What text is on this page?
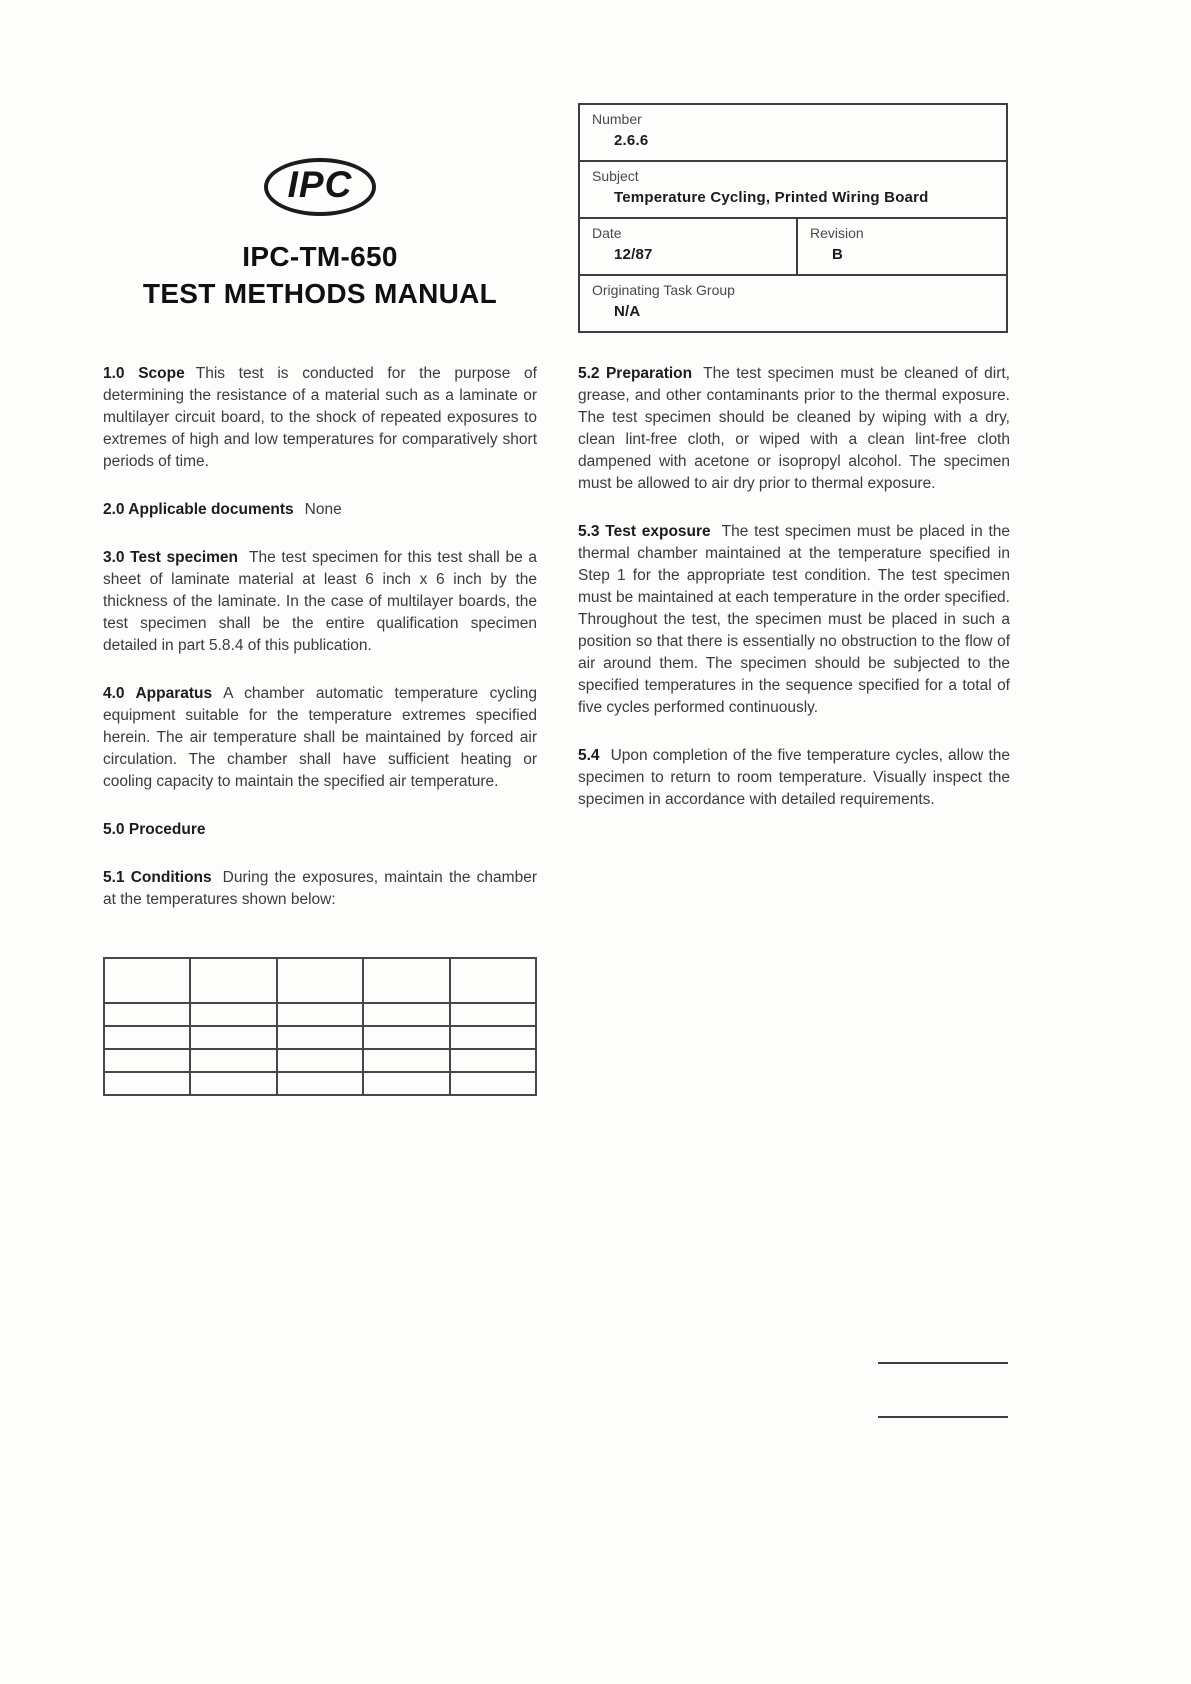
Number
2.6.6
Subject
Temperature Cycling, Printed Wiring Board
Date
12/87
Revision
B
Originating Task Group
N/A
IPC
IPC-TM-650
TEST METHODS MANUAL

1.0 Scope This test is conducted for the purpose of determining the resistance of a material such as a laminate or multilayer circuit board, to the shock of repeated exposures to extremes of high and low temperatures for comparatively short periods of time.

2.0 Applicable documents None

3.0 Test specimen The test specimen for this test shall be a sheet of laminate material at least 6 inch x 6 inch by the thickness of the laminate. In the case of multilayer boards, the test specimen shall be the entire qualification specimen detailed in part 5.8.4 of this publication.

4.0 Apparatus A chamber automatic temperature cycling equipment suitable for the temperature extremes specified herein. The air temperature shall be maintained by forced air circulation. The chamber shall have sufficient heating or cooling capacity to maintain the specified air temperature.

5.0 Procedure

5.1 Conditions During the exposures, maintain the chamber at the temperatures shown below:

5.2 Preparation The test specimen must be cleaned of dirt, grease, and other contaminants prior to the thermal exposure. The test specimen should be cleaned by wiping with a dry, clean lint-free cloth, or wiped with a clean lint-free cloth dampened with acetone or isopropyl alcohol. The specimen must be allowed to air dry prior to thermal exposure.

5.3 Test exposure The test specimen must be placed in the thermal chamber maintained at the temperature specified in Step 1 for the appropriate test condition. The test specimen must be maintained at each temperature in the order specified. Throughout the test, the specimen must be placed in such a position so that there is essentially no obstruction to the flow of air around them. The specimen should be subjected to the specified temperatures in the sequence specified for a total of five cycles performed continuously.

5.4 Upon completion of the five temperature cycles, allow the specimen to return to room temperature. Visually inspect the specimen in accordance with detailed requirements.
